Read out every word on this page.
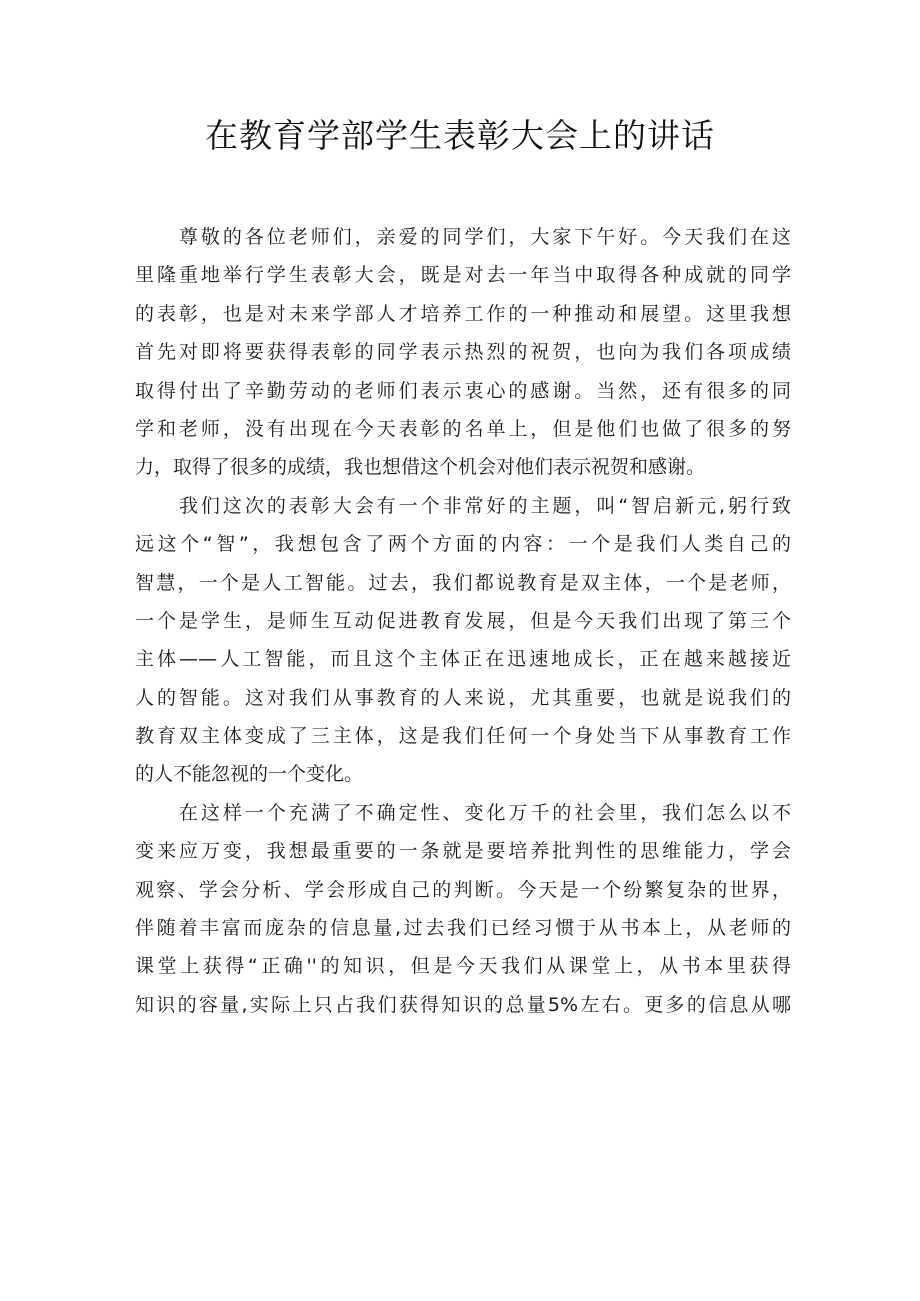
在教育学部学生表彰大会上的讲话
　　尊敬的各位老师们，亲爱的同学们，大家下午好。今天我们在这
里隆重地举行学生表彰大会，既是对去一年当中取得各种成就的同学
的表彰，也是对未来学部人才培养工作的一种推动和展望。这里我想
首先对即将要获得表彰的同学表示热烈的祝贺，也向为我们各项成绩
取得付出了辛勤劳动的老师们表示衷心的感谢。当然，还有很多的同
学和老师，没有出现在今天表彰的名单上，但是他们也做了很多的努
力，取得了很多的成绩，我也想借这个机会对他们表示祝贺和感谢。
　　我们这次的表彰大会有一个非常好的主题，叫“智启新元,躬行致
远这个“智”，我想包含了两个方面的内容：一个是我们人类自己的
智慧，一个是人工智能。过去，我们都说教育是双主体，一个是老师，
一个是学生，是师生互动促进教育发展，但是今天我们出现了第三个
主体——人工智能，而且这个主体正在迅速地成长，正在越来越接近
人的智能。这对我们从事教育的人来说，尤其重要，也就是说我们的
教育双主体变成了三主体，这是我们任何一个身处当下从事教育工作
的人不能忽视的一个变化。
　　在这样一个充满了不确定性、变化万千的社会里，我们怎么以不
变来应万变，我想最重要的一条就是要培养批判性的思维能力，学会
观察、学会分析、学会形成自己的判断。今天是一个纷繁复杂的世界，
伴随着丰富而庞杂的信息量,过去我们已经习惯于从书本上，从老师的
课堂上获得“正确''的知识，但是今天我们从课堂上，从书本里获得
知识的容量,实际上只占我们获得知识的总量5%左右。更多的信息从哪
